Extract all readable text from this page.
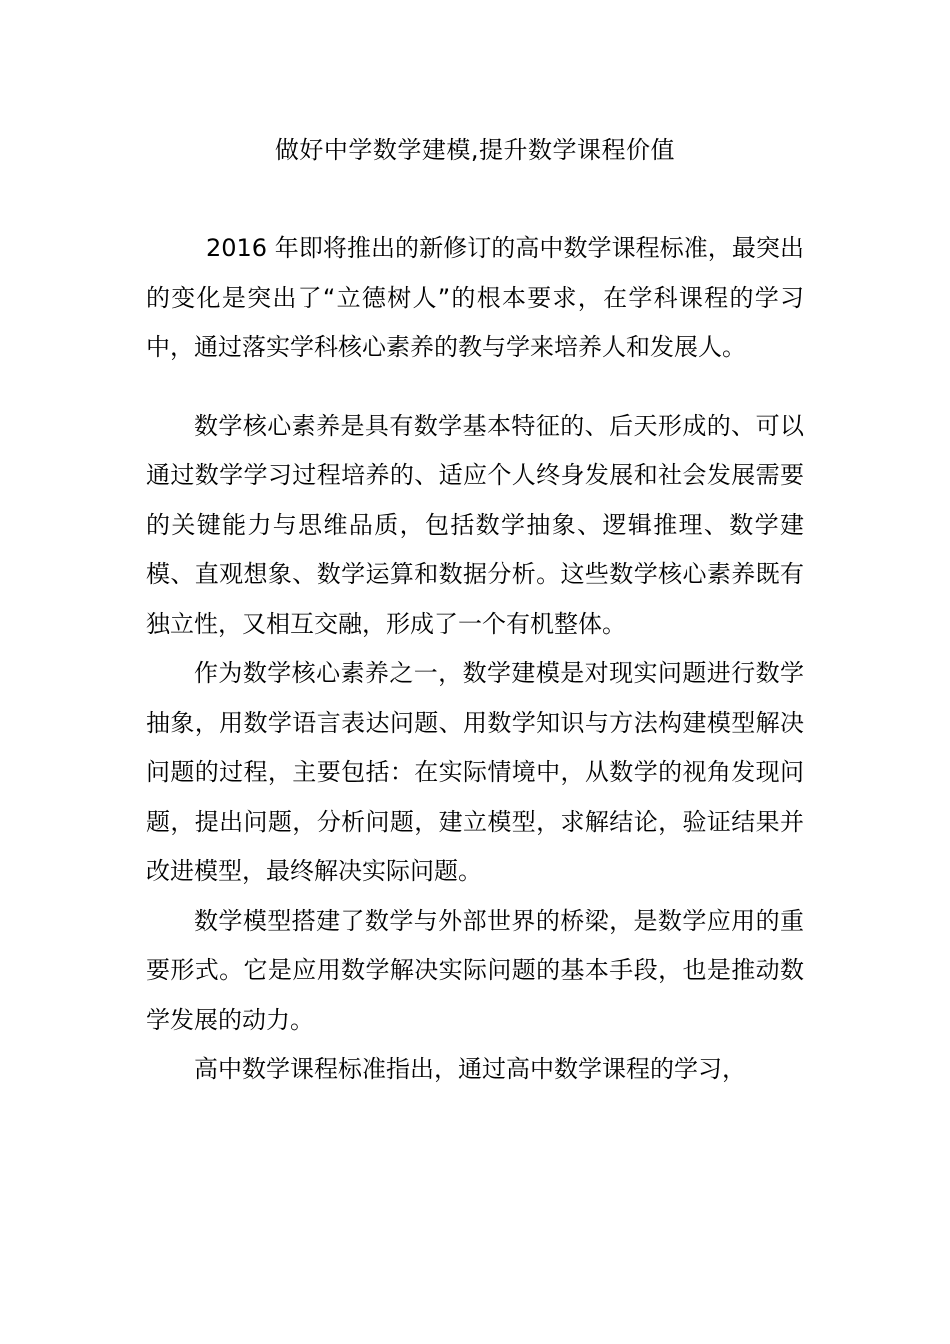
做好中学数学建模,提升数学课程价值

2016 年即将推出的新修订的高中数学课程标准，最突出的变化是突出了“立德树人”的根本要求，在学科课程的学习中，通过落实学科核心素养的教与学来培养人和发展人。

数学核心素养是具有数学基本特征的、后天形成的、可以通过数学学习过程培养的、适应个人终身发展和社会发展需要的关键能力与思维品质，包括数学抽象、逻辑推理、数学建模、直观想象、数学运算和数据分析。这些数学核心素养既有独立性，又相互交融，形成了一个有机整体。

作为数学核心素养之一，数学建模是对现实问题进行数学抽象，用数学语言表达问题、用数学知识与方法构建模型解决问题的过程，主要包括：在实际情境中，从数学的视角发现问题，提出问题，分析问题，建立模型，求解结论，验证结果并改进模型，最终解决实际问题。

数学模型搭建了数学与外部世界的桥梁，是数学应用的重要形式。它是应用数学解决实际问题的基本手段，也是推动数学发展的动力。

高中数学课程标准指出，通过高中数学课程的学习，
